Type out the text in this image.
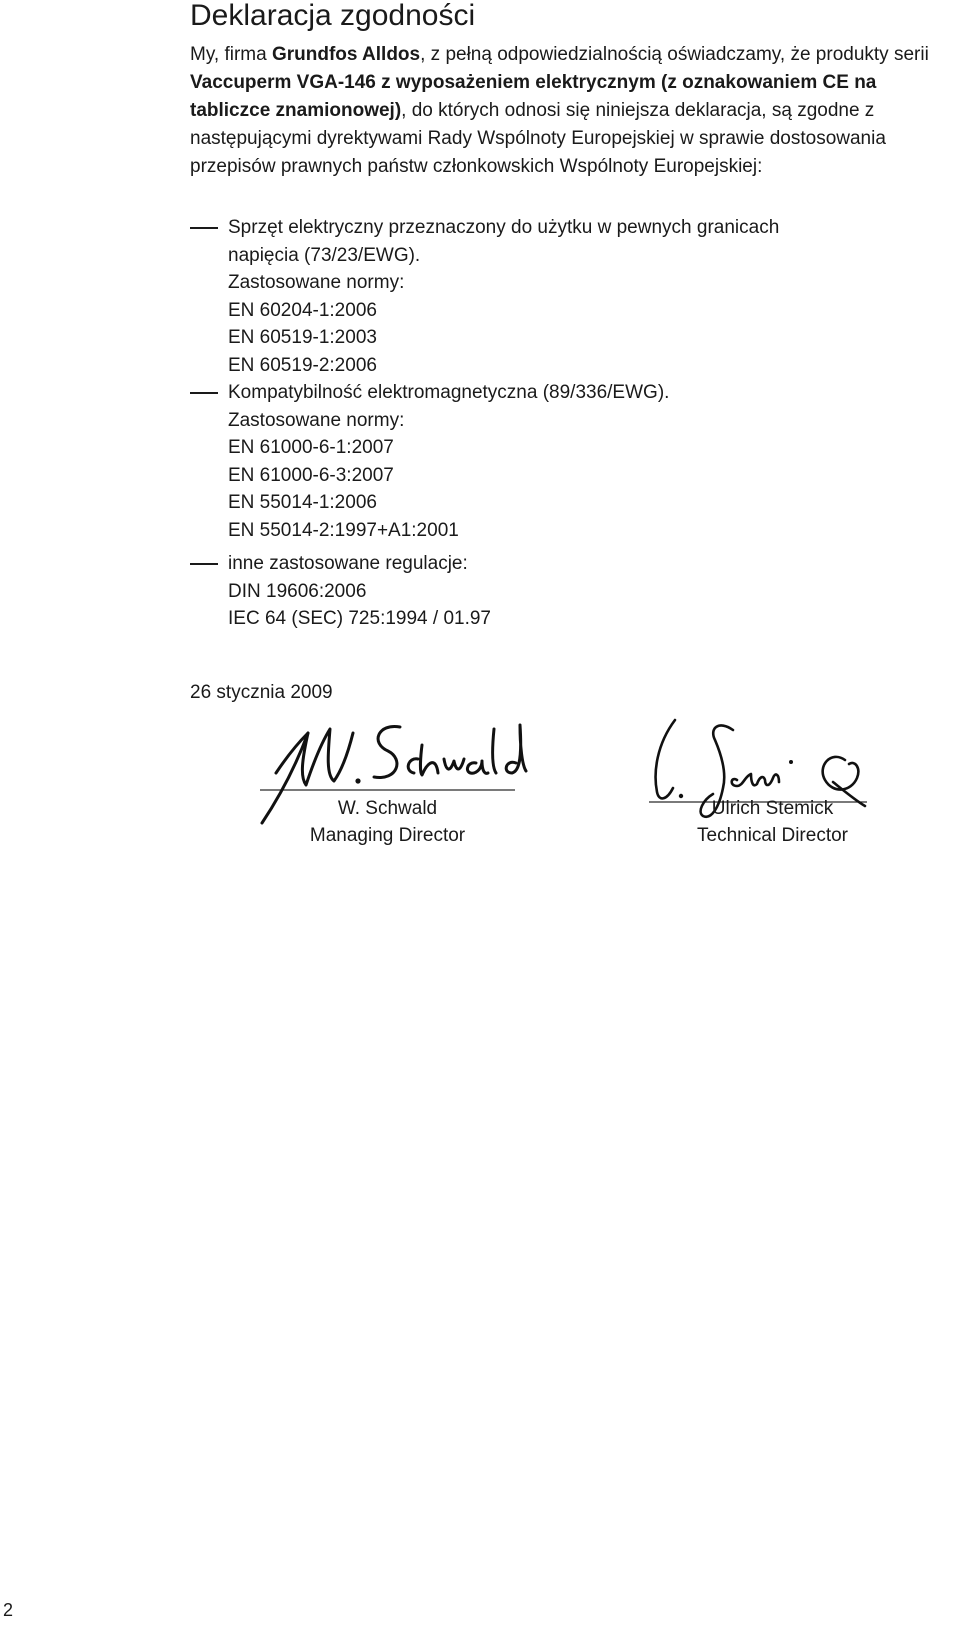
Deklaracja zgodności
My, firma Grundfos Alldos, z pełną odpowiedzialnością oświadczamy, że produkty serii Vaccuperm VGA-146 z wyposażeniem elektrycznym (z oznakowaniem CE na tabliczce znamionowej), do których odnosi się niniejsza deklaracja, są zgodne z następującymi dyrektywami Rady Wspólnoty Europejskiej w sprawie dostosowania przepisów prawnych państw członkowskich Wspólnoty Europejskiej:
Sprzęt elektryczny przeznaczony do użytku w pewnych granicach
napięcia (73/23/EWG).
Zastosowane normy:
EN 60204-1:2006
EN 60519-1:2003
EN 60519-2:2006
Kompatybilność elektromagnetyczna (89/336/EWG).
Zastosowane normy:
EN 61000-6-1:2007
EN 61000-6-3:2007
EN 55014-1:2006
EN 55014-2:1997+A1:2001
inne zastosowane regulacje:
DIN 19606:2006
IEC 64 (SEC) 725:1994 / 01.97
26 stycznia 2009
W. Schwald
Managing Director
Ulrich Stemick
Technical Director
2
